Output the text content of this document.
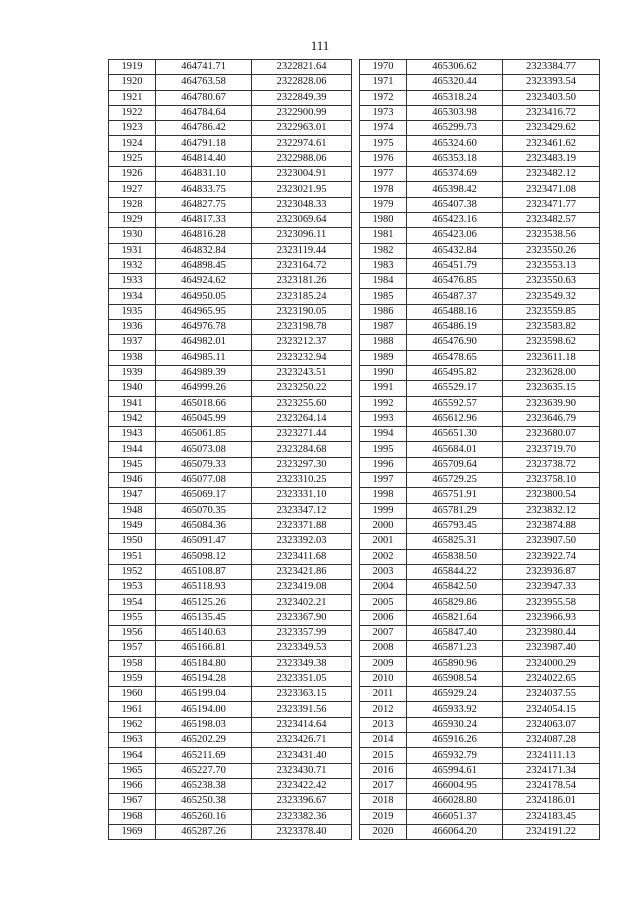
111
1919	464741.71	2322821.64
1920	464763.58	2322828.06
1921	464780.67	2322849.39
1922	464784.64	2322900.99
1923	464786.42	2322963.01
1924	464791.18	2322974.61
1925	464814.40	2322988.06
1926	464831.10	2323004.91
1927	464833.75	2323021.95
1928	464827.75	2323048.33
1929	464817.33	2323069.64
1930	464816.28	2323096.11
1931	464832.84	2323119.44
1932	464898.45	2323164.72
1933	464924.62	2323181.26
1934	464950.05	2323185.24
1935	464965.95	2323190.05
1936	464976.78	2323198.78
1937	464982.01	2323212.37
1938	464985.11	2323232.94
1939	464989.39	2323243.51
1940	464999.26	2323250.22
1941	465018.66	2323255.60
1942	465045.99	2323264.14
1943	465061.85	2323271.44
1944	465073.08	2323284.68
1945	465079.33	2323297.30
1946	465077.08	2323310.25
1947	465069.17	2323331.10
1948	465070.35	2323347.12
1949	465084.36	2323371.88
1950	465091.47	2323392.03
1951	465098.12	2323411.68
1952	465108.87	2323421.86
1953	465118.93	2323419.08
1954	465125.26	2323402.21
1955	465135.45	2323367.90
1956	465140.63	2323357.99
1957	465166.81	2323349.53
1958	465184.80	2323349.38
1959	465194.28	2323351.05
1960	465199.04	2323363.15
1961	465194.00	2323391.56
1962	465198.03	2323414.64
1963	465202.29	2323426.71
1964	465211.69	2323431.40
1965	465227.70	2323430.71
1966	465238.38	2323422.42
1967	465250.38	2323396.67
1968	465260.16	2323382.36
1969	465287.26	2323378.40
1970	465306.62	2323384.77
1971	465320.44	2323393.54
1972	465318.24	2323403.50
1973	465303.98	2323416.72
1974	465299.73	2323429.62
1975	465324.60	2323461.62
1976	465353.18	2323483.19
1977	465374.69	2323482.12
1978	465398.42	2323471.08
1979	465407.38	2323471.77
1980	465423.16	2323482.57
1981	465423.06	2323538.56
1982	465432.84	2323550.26
1983	465451.79	2323553.13
1984	465476.85	2323550.63
1985	465487.37	2323549.32
1986	465488.16	2323559.85
1987	465486.19	2323583.82
1988	465476.90	2323598.62
1989	465478.65	2323611.18
1990	465495.82	2323628.00
1991	465529.17	2323635.15
1992	465592.57	2323639.90
1993	465612.96	2323646.79
1994	465651.30	2323680.07
1995	465684.01	2323719.70
1996	465709.64	2323738.72
1997	465729.25	2323758.10
1998	465751.91	2323800.54
1999	465781.29	2323832.12
2000	465793.45	2323874.88
2001	465825.31	2323907.50
2002	465838.50	2323922.74
2003	465844.22	2323936.87
2004	465842.50	2323947.33
2005	465829.86	2323955.58
2006	465821.64	2323966.93
2007	465847.40	2323980.44
2008	465871.23	2323987.40
2009	465890.96	2324000.29
2010	465908.54	2324022.65
2011	465929.24	2324037.55
2012	465933.92	2324054.15
2013	465930.24	2324063.07
2014	465916.26	2324087.28
2015	465932.79	2324111.13
2016	465994.61	2324171.34
2017	466004.95	2324178.54
2018	466028.80	2324186.01
2019	466051.37	2324183.45
2020	466064.20	2324191.22
